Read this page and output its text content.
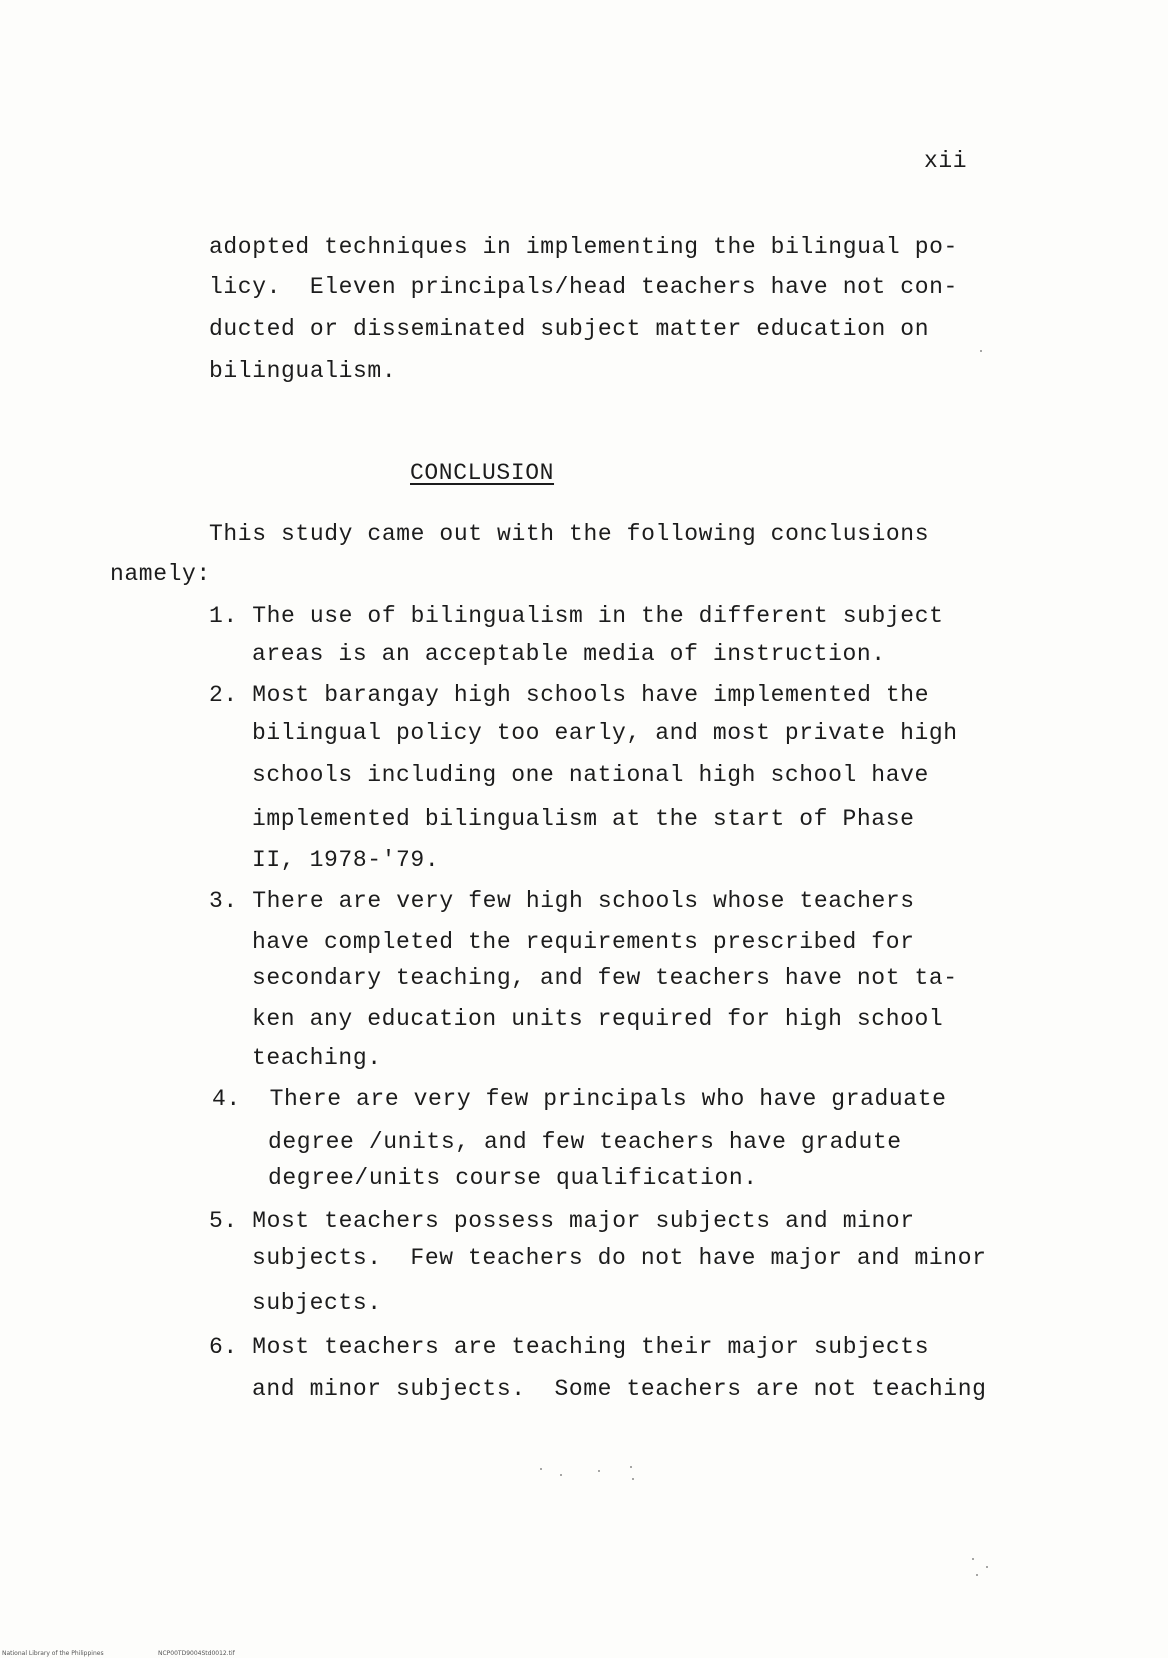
xii
adopted techniques in implementing the bilingual po-
licy.  Eleven principals/head teachers have not con-
ducted or disseminated subject matter education on
bilingualism.
CONCLUSION
This study came out with the following conclusions
namely:
1. The use of bilingualism in the different subject
areas is an acceptable media of instruction.
2. Most barangay high schools have implemented the
bilingual policy too early, and most private high
schools including one national high school have
implemented bilingualism at the start of Phase
II, 1978-'79.
3. There are very few high schools whose teachers
have completed the requirements prescribed for
secondary teaching, and few teachers have not ta-
ken any education units required for high school
teaching.
4.  There are very few principals who have graduate
degree /units, and few teachers have gradute
degree/units course qualification.
5. Most teachers possess major subjects and minor
subjects.  Few teachers do not have major and minor
subjects.
6. Most teachers are teaching their major subjects
and minor subjects.  Some teachers are not teaching
National Library of the Philippines	NCP00TD9004Std0012.tif
